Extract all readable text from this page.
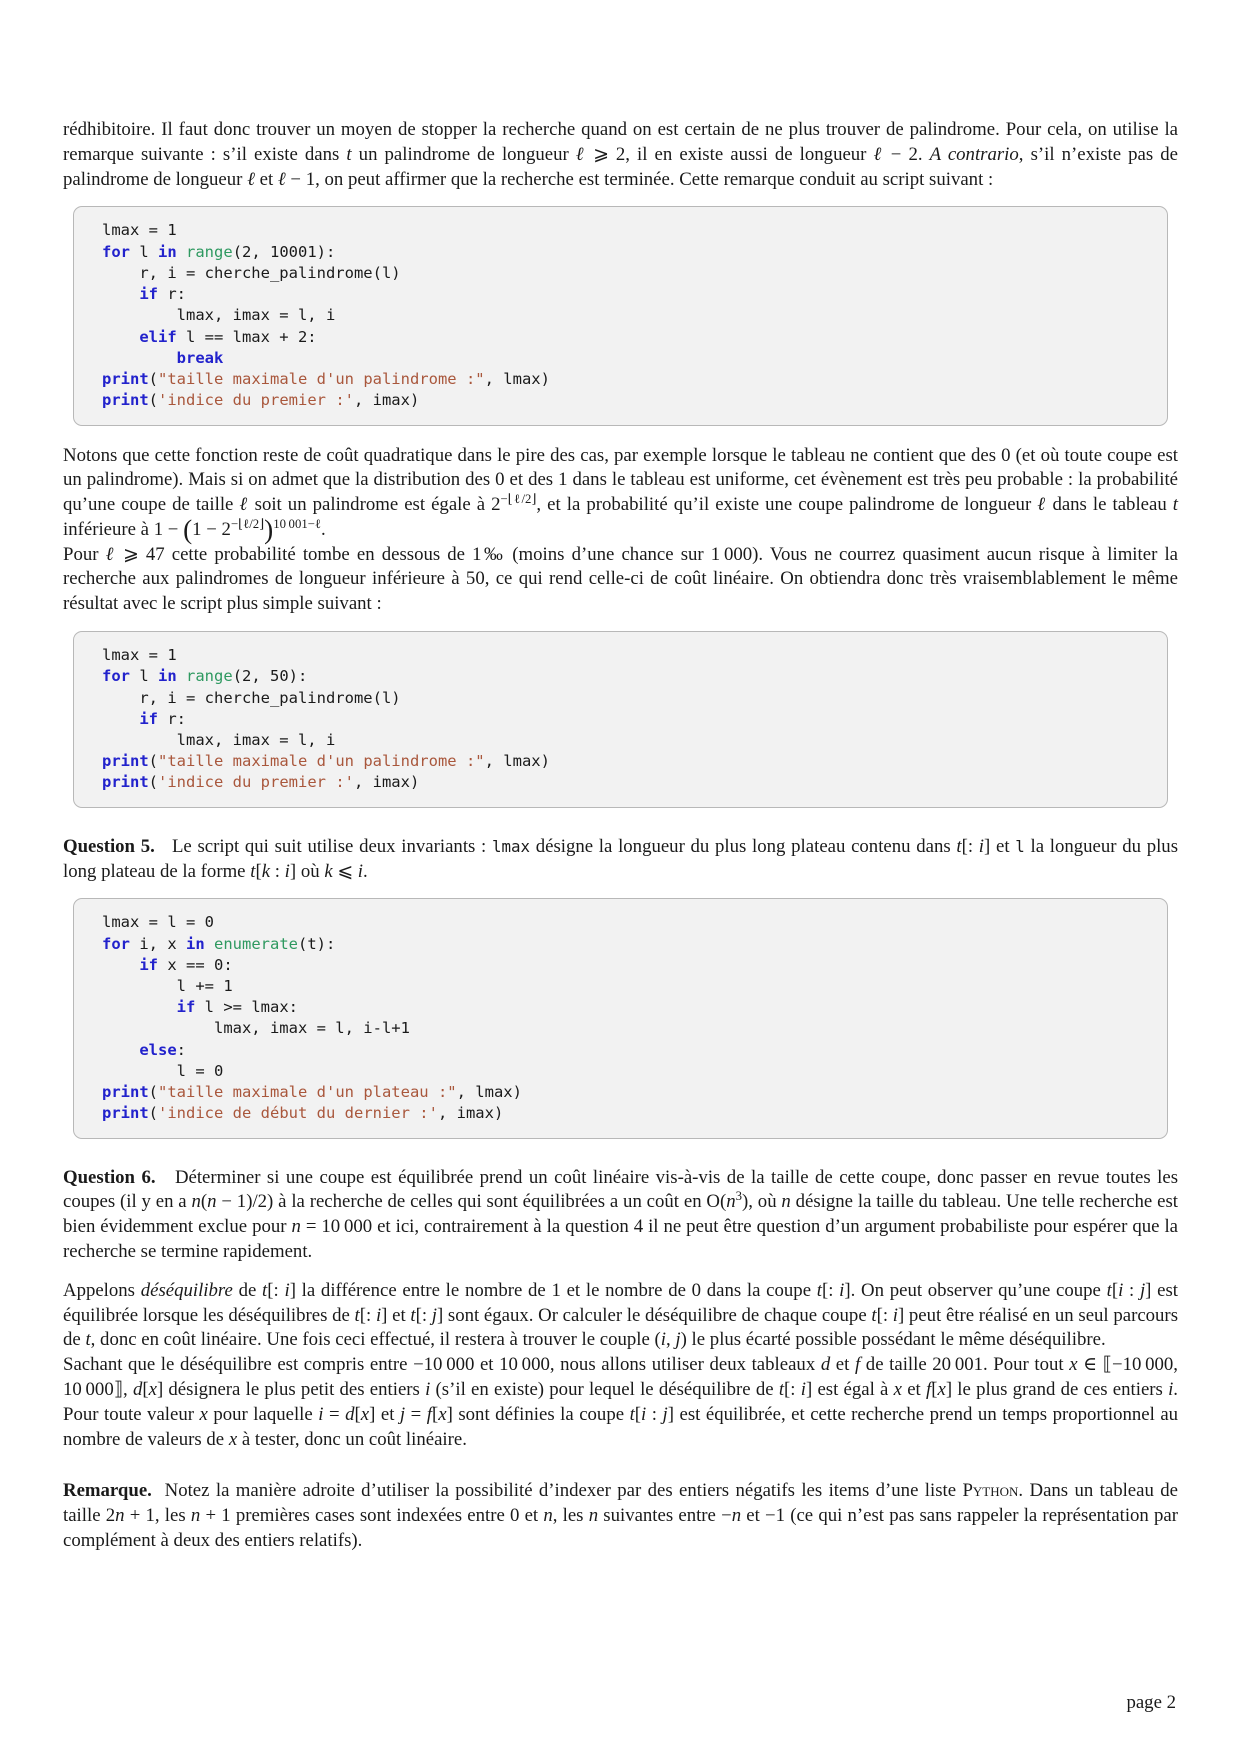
rédhibitoire. Il faut donc trouver un moyen de stopper la recherche quand on est certain de ne plus trouver de palindrome. Pour cela, on utilise la remarque suivante : s’il existe dans t un palindrome de longueur ℓ ⩾ 2, il en existe aussi de longueur ℓ − 2. A contrario, s’il n’existe pas de palindrome de longueur ℓ et ℓ − 1, on peut affirmer que la recherche est terminée. Cette remarque conduit au script suivant :

lmax = 1
for l in range(2, 10001):
r, i = cherche_palindrome(l)
if r:
lmax, imax = l, i
elif l == lmax + 2:
break
print("taille maximale d'un palindrome :", lmax)
print('indice du premier :', imax)

Notons que cette fonction reste de coût quadratique dans le pire des cas, par exemple lorsque le tableau ne contient que des 0 (et où toute coupe est un palindrome). Mais si on admet que la distribution des 0 et des 1 dans le tableau est uniforme, cet évènement est très peu probable : la probabilité qu’une coupe de taille ℓ soit un palindrome est égale à $2^{-⌊\ell/2⌋}$, et la probabilité qu’il existe une coupe palindrome de longueur ℓ dans le tableau t inférieure à $1 - (1 - 2^{-⌊\ell/2⌋})^{10 001-\ell}$.

Pour ℓ ⩾ 47 cette probabilité tombe en dessous de 1‰ (moins d’une chance sur 1 000). Vous ne courrez quasiment aucun risque à limiter la recherche aux palindromes de longueur inférieure à 50, ce qui rend celle-ci de coût linéaire. On obtiendra donc très vraisemblablement le même résultat avec le script plus simple suivant :

lmax = 1
for l in range(2, 50):
r, i = cherche_palindrome(l)
if r:
lmax, imax = l, i
print("taille maximale d'un palindrome :", lmax)
print('indice du premier :', imax)

Question 5.   Le script qui suit utilise deux invariants : lmax désigne la longueur du plus long plateau contenu dans t[: i] et l la longueur du plus long plateau de la forme t[k : i] où k ⩽ i.

lmax = l = 0
for i, x in enumerate(t):
if x == 0:
l += 1
if l >= lmax:
lmax, imax = l, i-l+1
else:
l = 0
print("taille maximale d'un plateau :", lmax)
print('indice de début du dernier :', imax)

Question 6.   Déterminer si une coupe est équilibrée prend un coût linéaire vis-à-vis de la taille de cette coupe, donc passer en revue toutes les coupes (il y en a n(n − 1)/2) à la recherche de celles qui sont équilibrées a un coût en $O(n^3)$, où n désigne la taille du tableau. Une telle recherche est bien évidemment exclue pour n = 10 000 et ici, contrairement à la question 4 il ne peut être question d’un argument probabiliste pour espérer que la recherche se termine rapidement.

Appelons déséquilibre de t[: i] la différence entre le nombre de 1 et le nombre de 0 dans la coupe t[: i]. On peut observer qu’une coupe t[i : j] est équilibrée lorsque les déséquilibres de t[: i] et t[: j] sont égaux. Or calculer le déséquilibre de chaque coupe t[: i] peut être réalisé en un seul parcours de t, donc en coût linéaire. Une fois ceci effectué, il restera à trouver le couple (i, j) le plus écarté possible possédant le même déséquilibre.

Sachant que le déséquilibre est compris entre −10 000 et 10 000, nous allons utiliser deux tableaux d et f de taille 20 001. Pour tout x ∈ ⟦−10 000, 10 000⟧, d[x] désignera le plus petit des entiers i (s’il en existe) pour lequel le déséquilibre de t[: i] est égal à x et f[x] le plus grand de ces entiers i. Pour toute valeur x pour laquelle i = d[x] et j = f[x] sont définies la coupe t[i : j] est équilibrée, et cette recherche prend un temps proportionnel au nombre de valeurs de x à tester, donc un coût linéaire.

Remarque.  Notez la manière adroite d’utiliser la possibilité d’indexer par des entiers négatifs les items d’une liste Python. Dans un tableau de taille 2n + 1, les n + 1 premières cases sont indexées entre 0 et n, les n suivantes entre −n et −1 (ce qui n’est pas sans rappeler la représentation par complément à deux des entiers relatifs).

page 2
